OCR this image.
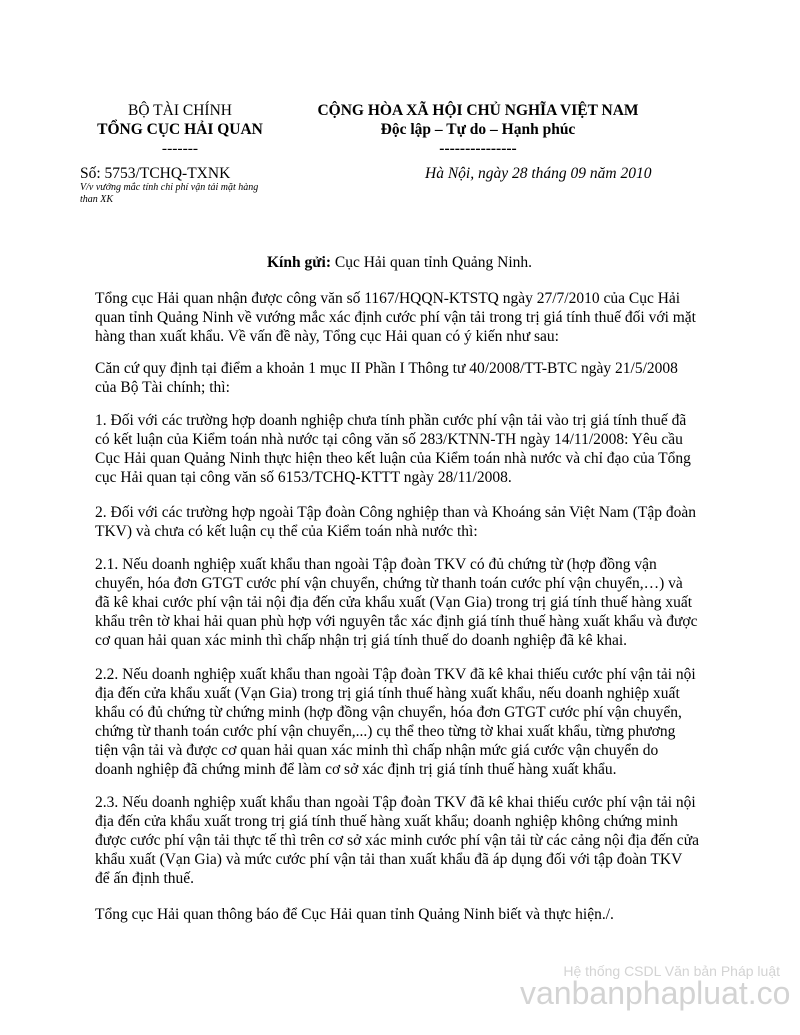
BỘ TÀI CHÍNH
TỔNG CỤC HẢI QUAN
-------
CỘNG HÒA XÃ HỘI CHỦ NGHĨA VIỆT NAM
Độc lập – Tự do – Hạnh phúc
---------------
Số: 5753/TCHQ-TXNK
V/v vướng mắc tính chi phí vận tải mặt hàng
than XK
Hà Nội, ngày 28 tháng 09 năm 2010
Kính gửi: Cục Hải quan tỉnh Quảng Ninh.
Tổng cục Hải quan nhận được công văn số 1167/HQQN-KTSTQ ngày 27/7/2010 của Cục Hải
quan tỉnh Quảng Ninh về vướng mắc xác định cước phí vận tải trong trị giá tính thuế đối với mặt
hàng than xuất khẩu. Về vấn đề này, Tổng cục Hải quan có ý kiến như sau:
Căn cứ quy định tại điểm a khoản 1 mục II Phần I Thông tư 40/2008/TT-BTC ngày 21/5/2008
của Bộ Tài chính; thì:
1. Đối với các trường hợp doanh nghiệp chưa tính phần cước phí vận tải vào trị giá tính thuế đã
có kết luận của Kiểm toán nhà nước tại công văn số 283/KTNN-TH ngày 14/11/2008: Yêu cầu
Cục Hải quan Quảng Ninh thực hiện theo kết luận của Kiểm toán nhà nước và chỉ đạo của Tổng
cục Hải quan tại công văn số 6153/TCHQ-KTTT ngày 28/11/2008.
2. Đối với các trường hợp ngoài Tập đoàn Công nghiệp than và Khoáng sản Việt Nam (Tập đoàn
TKV) và chưa có kết luận cụ thể của Kiểm toán nhà nước thì:
2.1. Nếu doanh nghiệp xuất khẩu than ngoài Tập đoàn TKV có đủ chứng từ (hợp đồng vận
chuyển, hóa đơn GTGT cước phí vận chuyển, chứng từ thanh toán cước phí vận chuyển,…) và
đã kê khai cước phí vận tải nội địa đến cửa khẩu xuất (Vạn Gia) trong trị giá tính thuế hàng xuất
khẩu trên tờ khai hải quan phù hợp với nguyên tắc xác định giá tính thuế hàng xuất khẩu và được
cơ quan hải quan xác minh thì chấp nhận trị giá tính thuế do doanh nghiệp đã kê khai.
2.2. Nếu doanh nghiệp xuất khẩu than ngoài Tập đoàn TKV đã kê khai thiếu cước phí vận tải nội
địa đến cửa khẩu xuất (Vạn Gia) trong trị giá tính thuế hàng xuất khẩu, nếu doanh nghiệp xuất
khẩu có đủ chứng từ chứng minh (hợp đồng vận chuyển, hóa đơn GTGT cước phí vận chuyển,
chứng từ thanh toán cước phí vận chuyển,...) cụ thể theo từng tờ khai xuất khẩu, từng phương
tiện vận tải và được cơ quan hải quan xác minh thì chấp nhận mức giá cước vận chuyển do
doanh nghiệp đã chứng minh để làm cơ sở xác định trị giá tính thuế hàng xuất khẩu.
2.3. Nếu doanh nghiệp xuất khẩu than ngoài Tập đoàn TKV đã kê khai thiếu cước phí vận tải nội
địa đến cửa khẩu xuất trong trị giá tính thuế hàng xuất khẩu; doanh nghiệp không chứng minh
được cước phí vận tải thực tế thì trên cơ sở xác minh cước phí vận tải từ các cảng nội địa đến cửa
khẩu xuất (Vạn Gia) và mức cước phí vận tải than xuất khẩu đã áp dụng đối với tập đoàn TKV
để ấn định thuế.
Tổng cục Hải quan thông báo để Cục Hải quan tỉnh Quảng Ninh biết và thực hiện./.
Hệ thống CSDL Văn bản Pháp luật
vanbanphapluat.co
